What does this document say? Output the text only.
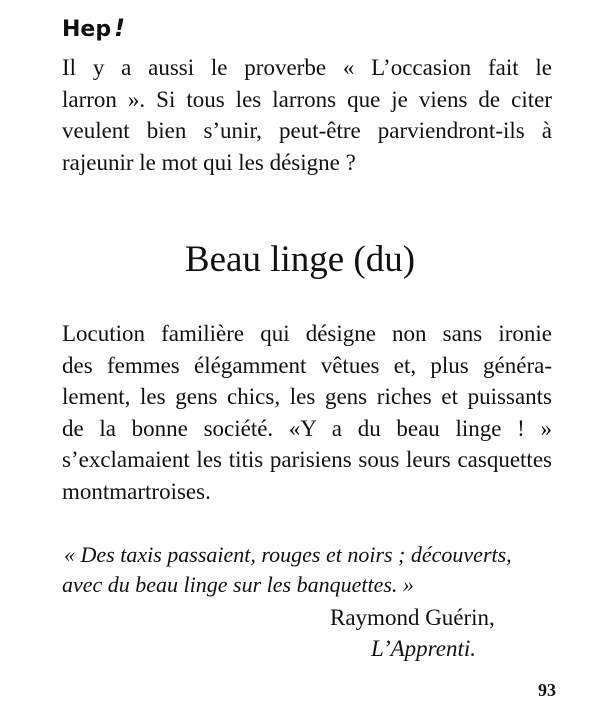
Hep !

Il y a aussi le proverbe « L’occasion fait le
larron ». Si tous les larrons que je viens de citer
veulent bien s’unir, peut-être parviendront-ils à
rajeunir le mot qui les désigne ?

Beau linge (du)

Locution familière qui désigne non sans ironie
des femmes élégamment vêtues et, plus généra-
lement, les gens chics, les gens riches et puissants
de la bonne société. «Y a du beau linge ! »
s’exclamaient les titis parisiens sous leurs casquettes
montmartroises.

« Des taxis passaient, rouges et noirs ; découverts,
avec du beau linge sur les banquettes. »

Raymond Guérin,
L’Apprenti.
93
